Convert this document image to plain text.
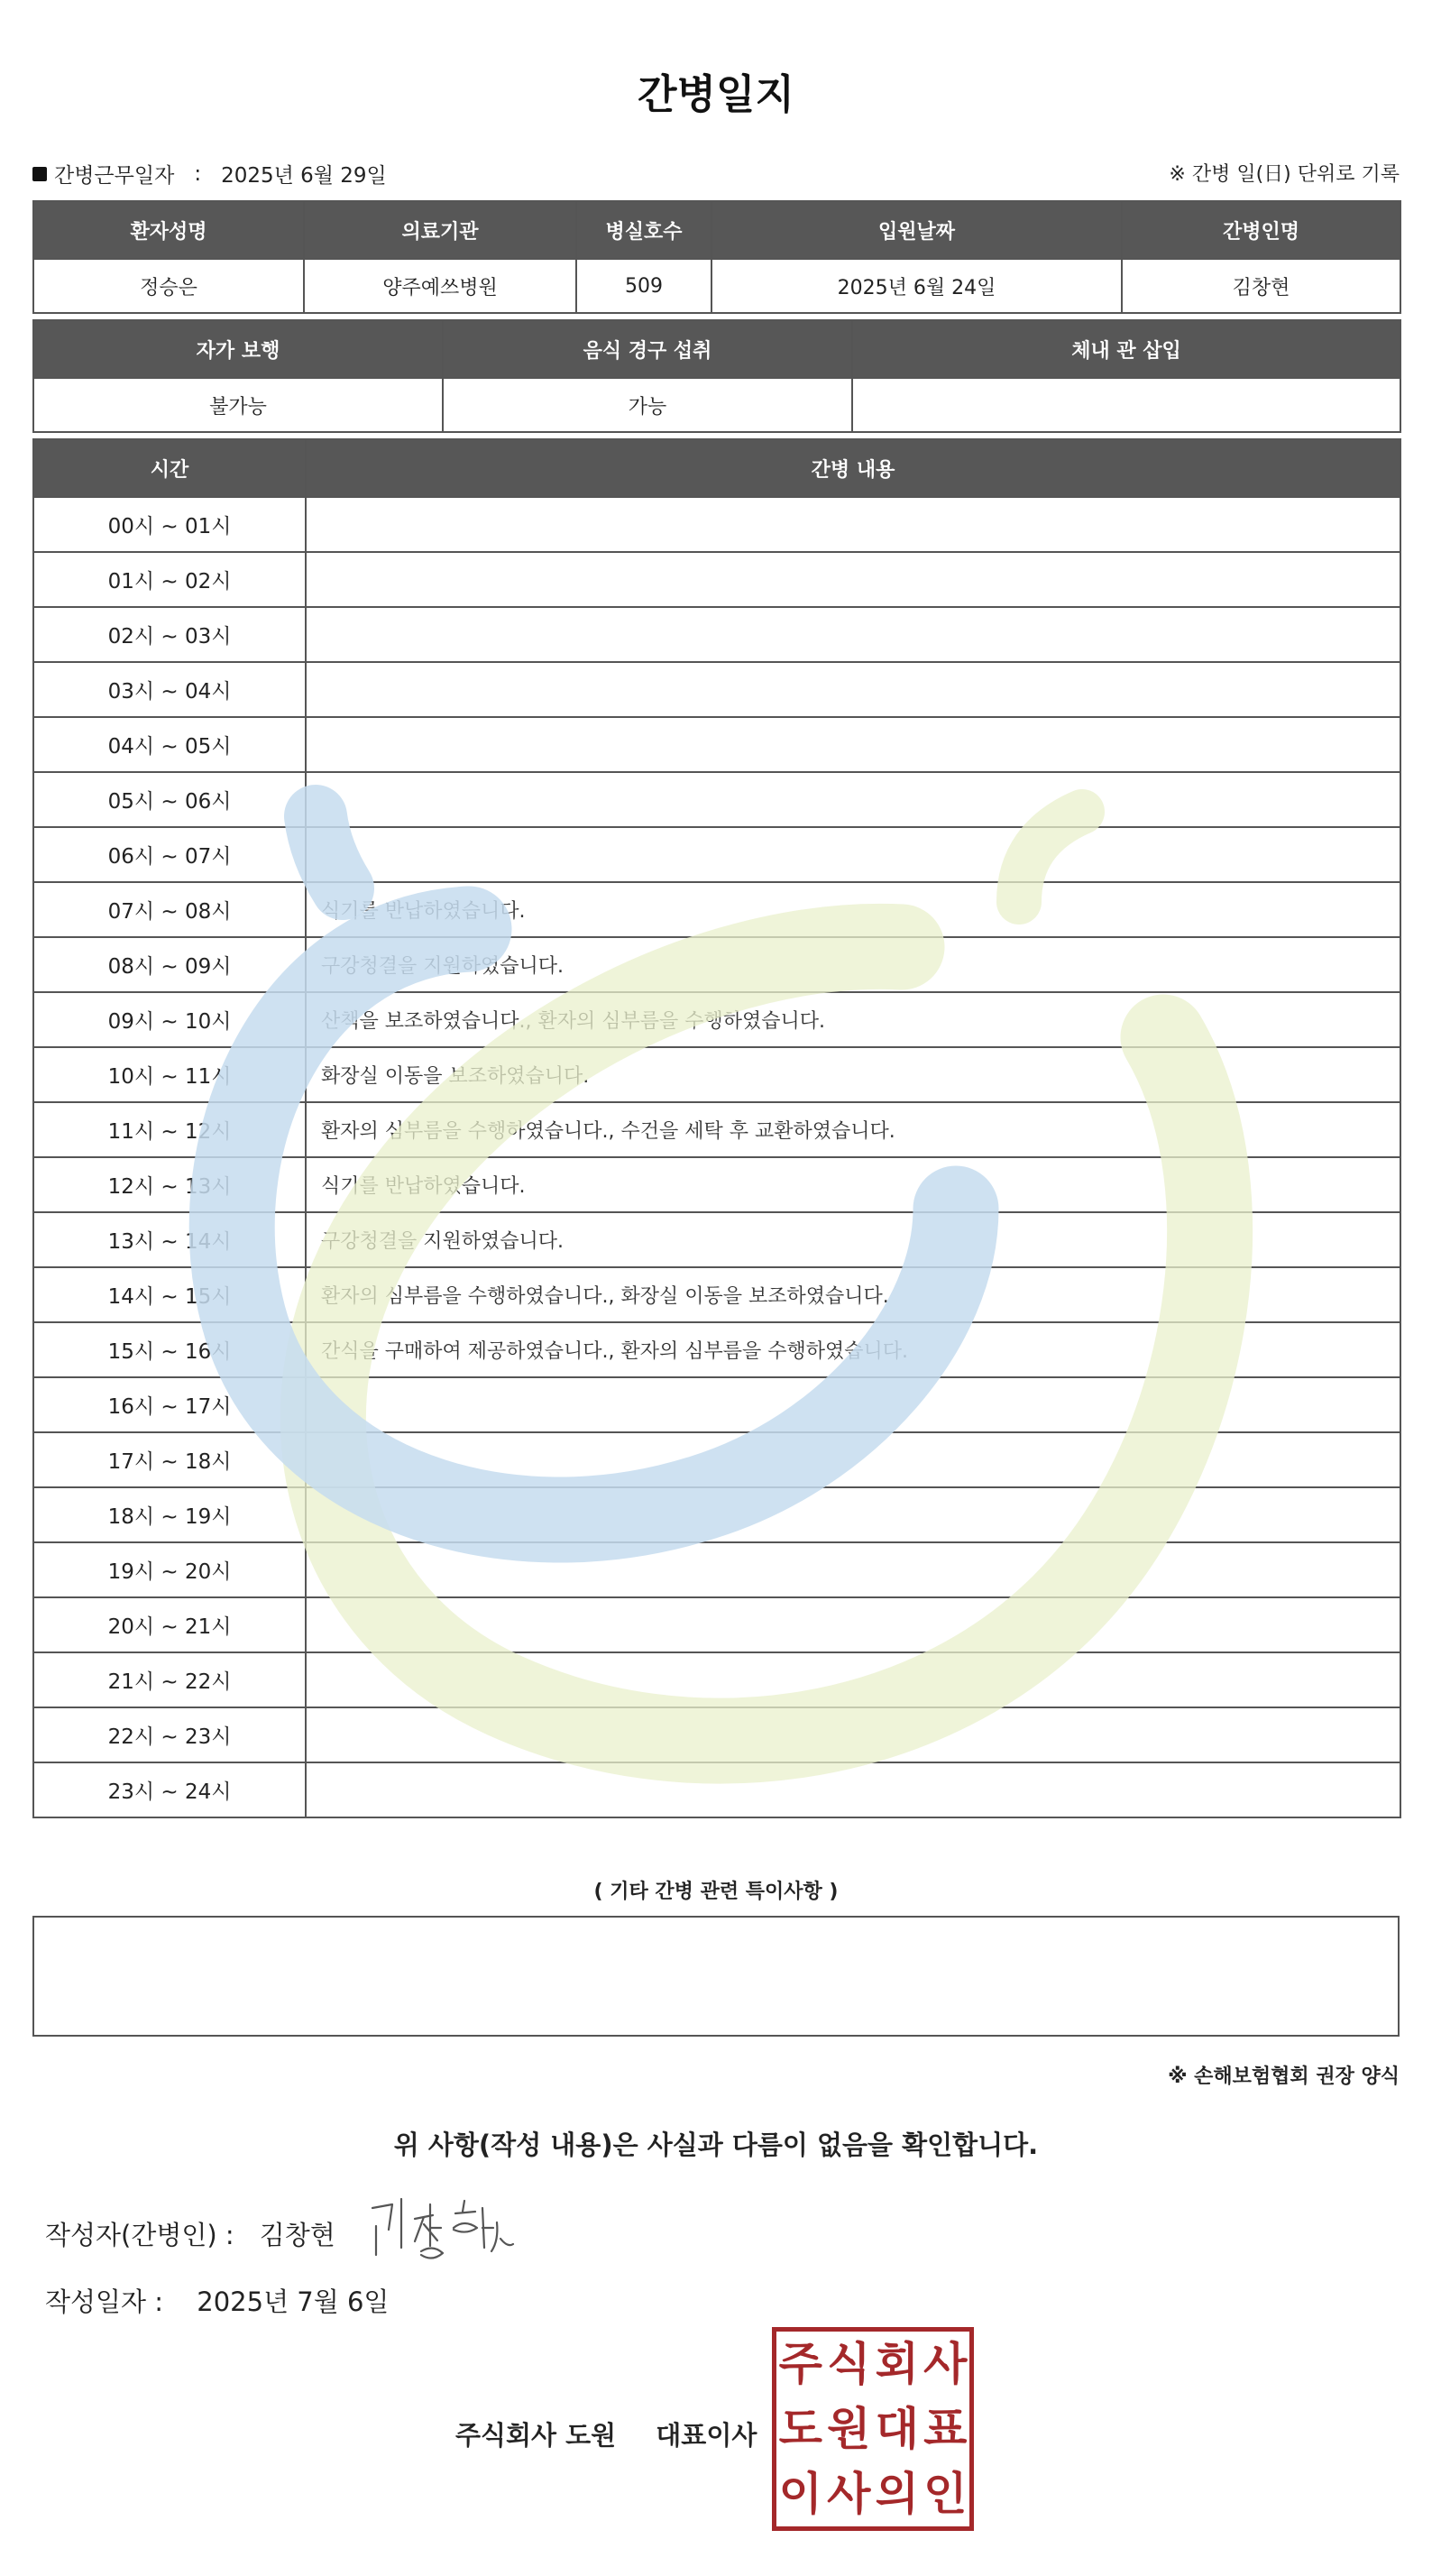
간병일지
간병근무일자 : 2025년 6월 29일	※ 간병 일(日) 단위로 기록
환자성명	의료기관	병실호수	입원날짜	간병인명
정승은	양주예쓰병원	509	2025년 6월 24일	김창현
자가 보행	음식 경구 섭취	체내 관 삽입
불가능	가능	
시간	간병 내용
00시 ~ 01시	
01시 ~ 02시	
02시 ~ 03시	
03시 ~ 04시	
04시 ~ 05시	
05시 ~ 06시	
06시 ~ 07시	
07시 ~ 08시	식기를 반납하였습니다.
08시 ~ 09시	구강청결을 지원하였습니다.
09시 ~ 10시	산책을 보조하였습니다., 환자의 심부름을 수행하였습니다.
10시 ~ 11시	화장실 이동을 보조하였습니다.
11시 ~ 12시	환자의 심부름을 수행하였습니다., 수건을 세탁 후 교환하였습니다.
12시 ~ 13시	식기를 반납하였습니다.
13시 ~ 14시	구강청결을 지원하였습니다.
14시 ~ 15시	환자의 심부름을 수행하였습니다., 화장실 이동을 보조하였습니다.
15시 ~ 16시	간식을 구매하여 제공하였습니다., 환자의 심부름을 수행하였습니다.
16시 ~ 17시	
17시 ~ 18시	
18시 ~ 19시	
19시 ~ 20시	
20시 ~ 21시	
21시 ~ 22시	
22시 ~ 23시	
23시 ~ 24시	
( 기타 간병 관련 특이사항 )
※ 손해보험협회 권장 양식
위 사항(작성 내용)은 사실과 다름이 없음을 확인합니다.
작성자(간병인) : 김창현
작성일자 : 2025년 7월 6일
주식회사 도원 대표이사
주 식 회 사
도 원 대 표
이 사 의 인
